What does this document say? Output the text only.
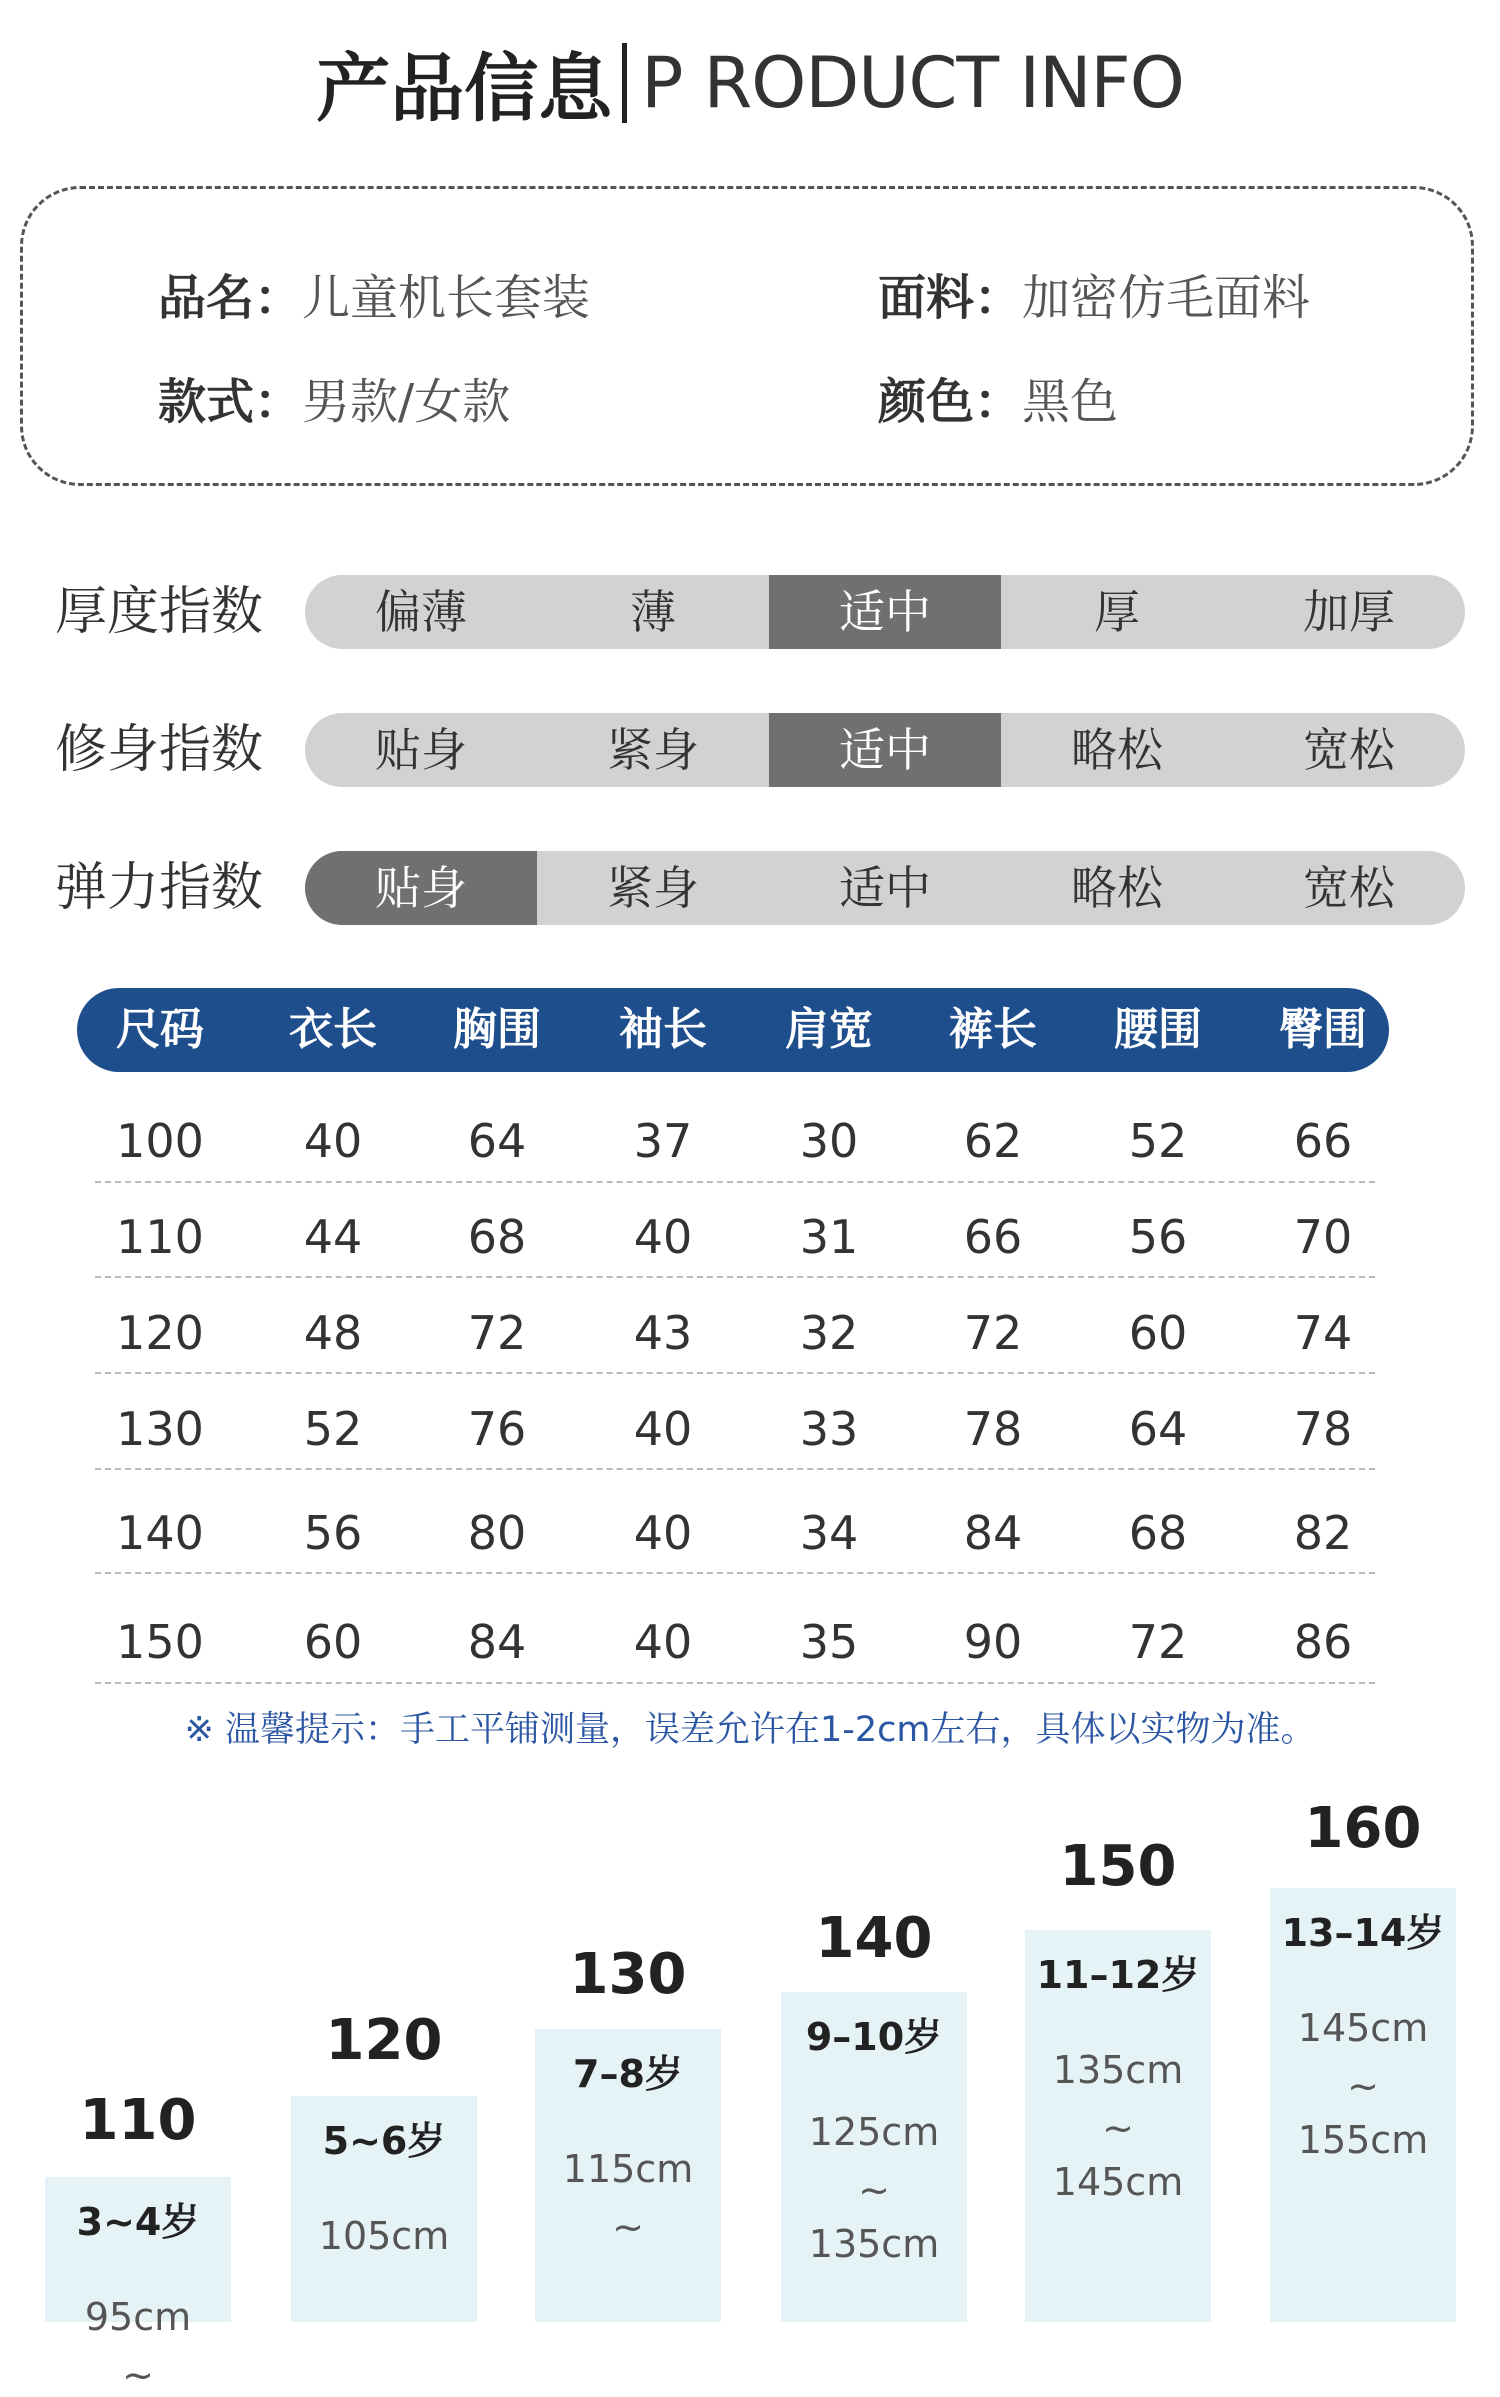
产品信息 P RODUCT INFO
品名：儿童机长套装	面料：加密仿毛面料
款式：男款/女款	颜色：黑色
厚度指数	偏薄	薄	适中	厚	加厚
修身指数	贴身	紧身	适中	略松	宽松
弹力指数	贴身	紧身	适中	略松	宽松
尺码	衣长	胸围	袖长	肩宽	裤长	腰围	臀围
100	40	64	37	30	62	52	66
110	44	68	40	31	66	56	70
120	48	72	43	32	72	60	74
130	52	76	40	33	78	64	78
140	56	80	40	34	84	68	82
150	60	84	40	35	90	72	86
※ 温馨提示：手工平铺测量，误差允许在1-2cm左右，具体以实物为准。
110
3~4岁
95cm
~
120
5~6岁
105cm
130
7–8岁
115cm
~
140
9–10岁
125cm
~
135cm
150
11–12岁
135cm
~
145cm
160
13–14岁
145cm
~
155cm
